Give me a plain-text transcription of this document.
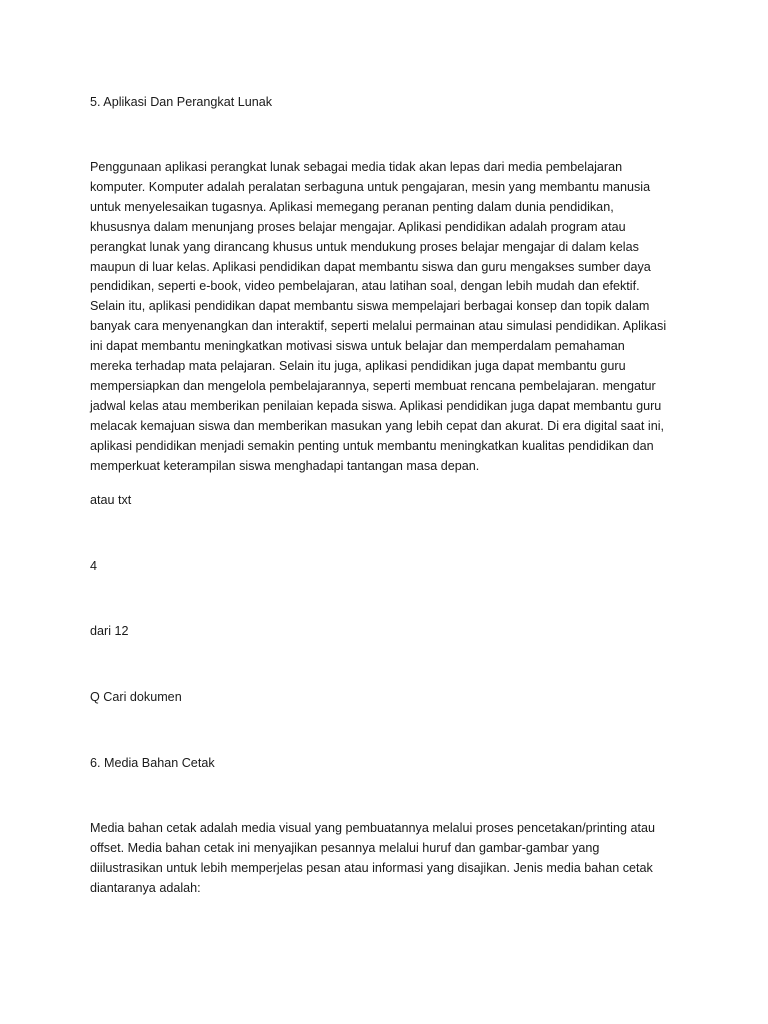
5. Aplikasi Dan Perangkat Lunak

Penggunaan aplikasi perangkat lunak sebagai media tidak akan lepas dari media pembelajaran
komputer. Komputer adalah peralatan serbaguna untuk pengajaran, mesin yang membantu manusia
untuk menyelesaikan tugasnya. Aplikasi memegang peranan penting dalam dunia pendidikan,
khususnya dalam menunjang proses belajar mengajar. Aplikasi pendidikan adalah program atau
perangkat lunak yang dirancang khusus untuk mendukung proses belajar mengajar di dalam kelas
maupun di luar kelas. Aplikasi pendidikan dapat membantu siswa dan guru mengakses sumber daya
pendidikan, seperti e-book, video pembelajaran, atau latihan soal, dengan lebih mudah dan efektif.
Selain itu, aplikasi pendidikan dapat membantu siswa mempelajari berbagai konsep dan topik dalam
banyak cara menyenangkan dan interaktif, seperti melalui permainan atau simulasi pendidikan. Aplikasi
ini dapat membantu meningkatkan motivasi siswa untuk belajar dan memperdalam pemahaman
mereka terhadap mata pelajaran. Selain itu juga, aplikasi pendidikan juga dapat membantu guru
mempersiapkan dan mengelola pembelajarannya, seperti membuat rencana pembelajaran. mengatur
jadwal kelas atau memberikan penilaian kepada siswa. Aplikasi pendidikan juga dapat membantu guru
melacak kemajuan siswa dan memberikan masukan yang lebih cepat dan akurat. Di era digital saat ini,
aplikasi pendidikan menjadi semakin penting untuk membantu meningkatkan kualitas pendidikan dan
memperkuat keterampilan siswa menghadapi tantangan masa depan.

atau txt

4

dari 12

Q Cari dokumen

6. Media Bahan Cetak

Media bahan cetak adalah media visual yang pembuatannya melalui proses pencetakan/printing atau
offset. Media bahan cetak ini menyajikan pesannya melalui huruf dan gambar-gambar yang
diilustrasikan untuk lebih memperjelas pesan atau informasi yang disajikan. Jenis media bahan cetak
diantaranya adalah:
